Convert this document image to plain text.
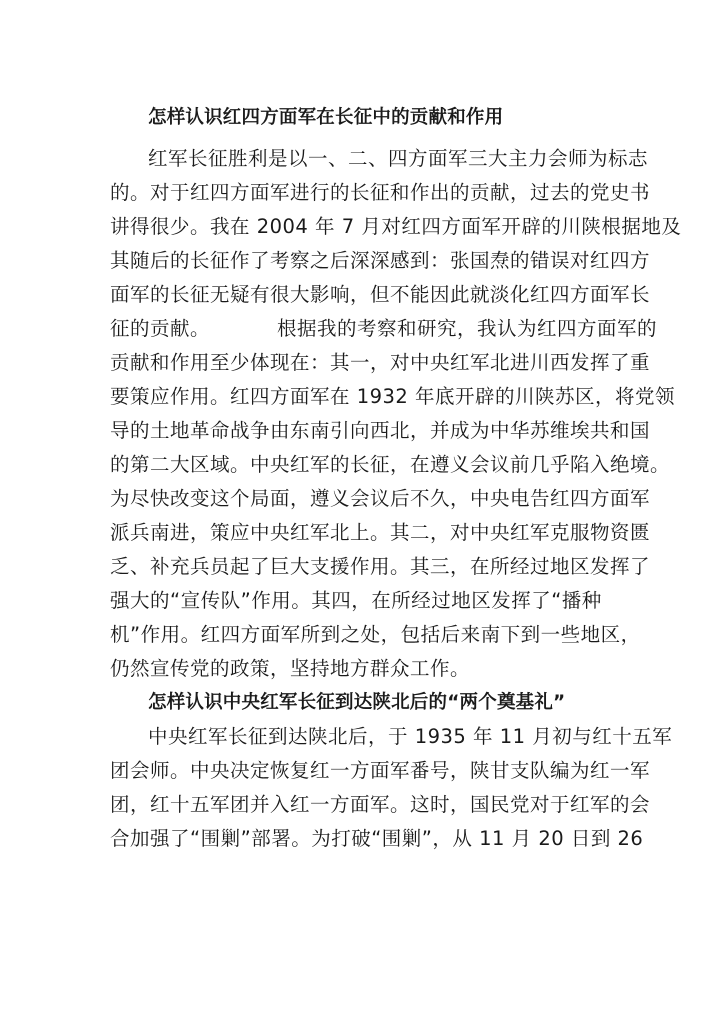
怎样认识红四方面军在长征中的贡献和作用
红军长征胜利是以一、二、四方面军三大主力会师为标志
的。对于红四方面军进行的长征和作出的贡献，过去的党史书
讲得很少。我在 2004 年 7 月对红四方面军开辟的川陕根据地及
其随后的长征作了考察之后深深感到：张国焘的错误对红四方
面军的长征无疑有很大影响，但不能因此就淡化红四方面军长
征的贡献。          根据我的考察和研究，我认为红四方面军的
贡献和作用至少体现在：其一，对中央红军北进川西发挥了重
要策应作用。红四方面军在 1932 年底开辟的川陕苏区，将党领
导的土地革命战争由东南引向西北，并成为中华苏维埃共和国
的第二大区域。中央红军的长征，在遵义会议前几乎陷入绝境。
为尽快改变这个局面，遵义会议后不久，中央电告红四方面军
派兵南进，策应中央红军北上。其二，对中央红军克服物资匮
乏、补充兵员起了巨大支援作用。其三，在所经过地区发挥了
强大的“宣传队”作用。其四，在所经过地区发挥了“播种
机”作用。红四方面军所到之处，包括后来南下到一些地区，
仍然宣传党的政策，坚持地方群众工作。
怎样认识中央红军长征到达陕北后的“两个奠基礼”
中央红军长征到达陕北后，于 1935 年 11 月初与红十五军
团会师。中央决定恢复红一方面军番号，陕甘支队编为红一军
团，红十五军团并入红一方面军。这时，国民党对于红军的会
合加强了“围剿”部署。为打破“围剿”，从 11 月 20 日到 26
